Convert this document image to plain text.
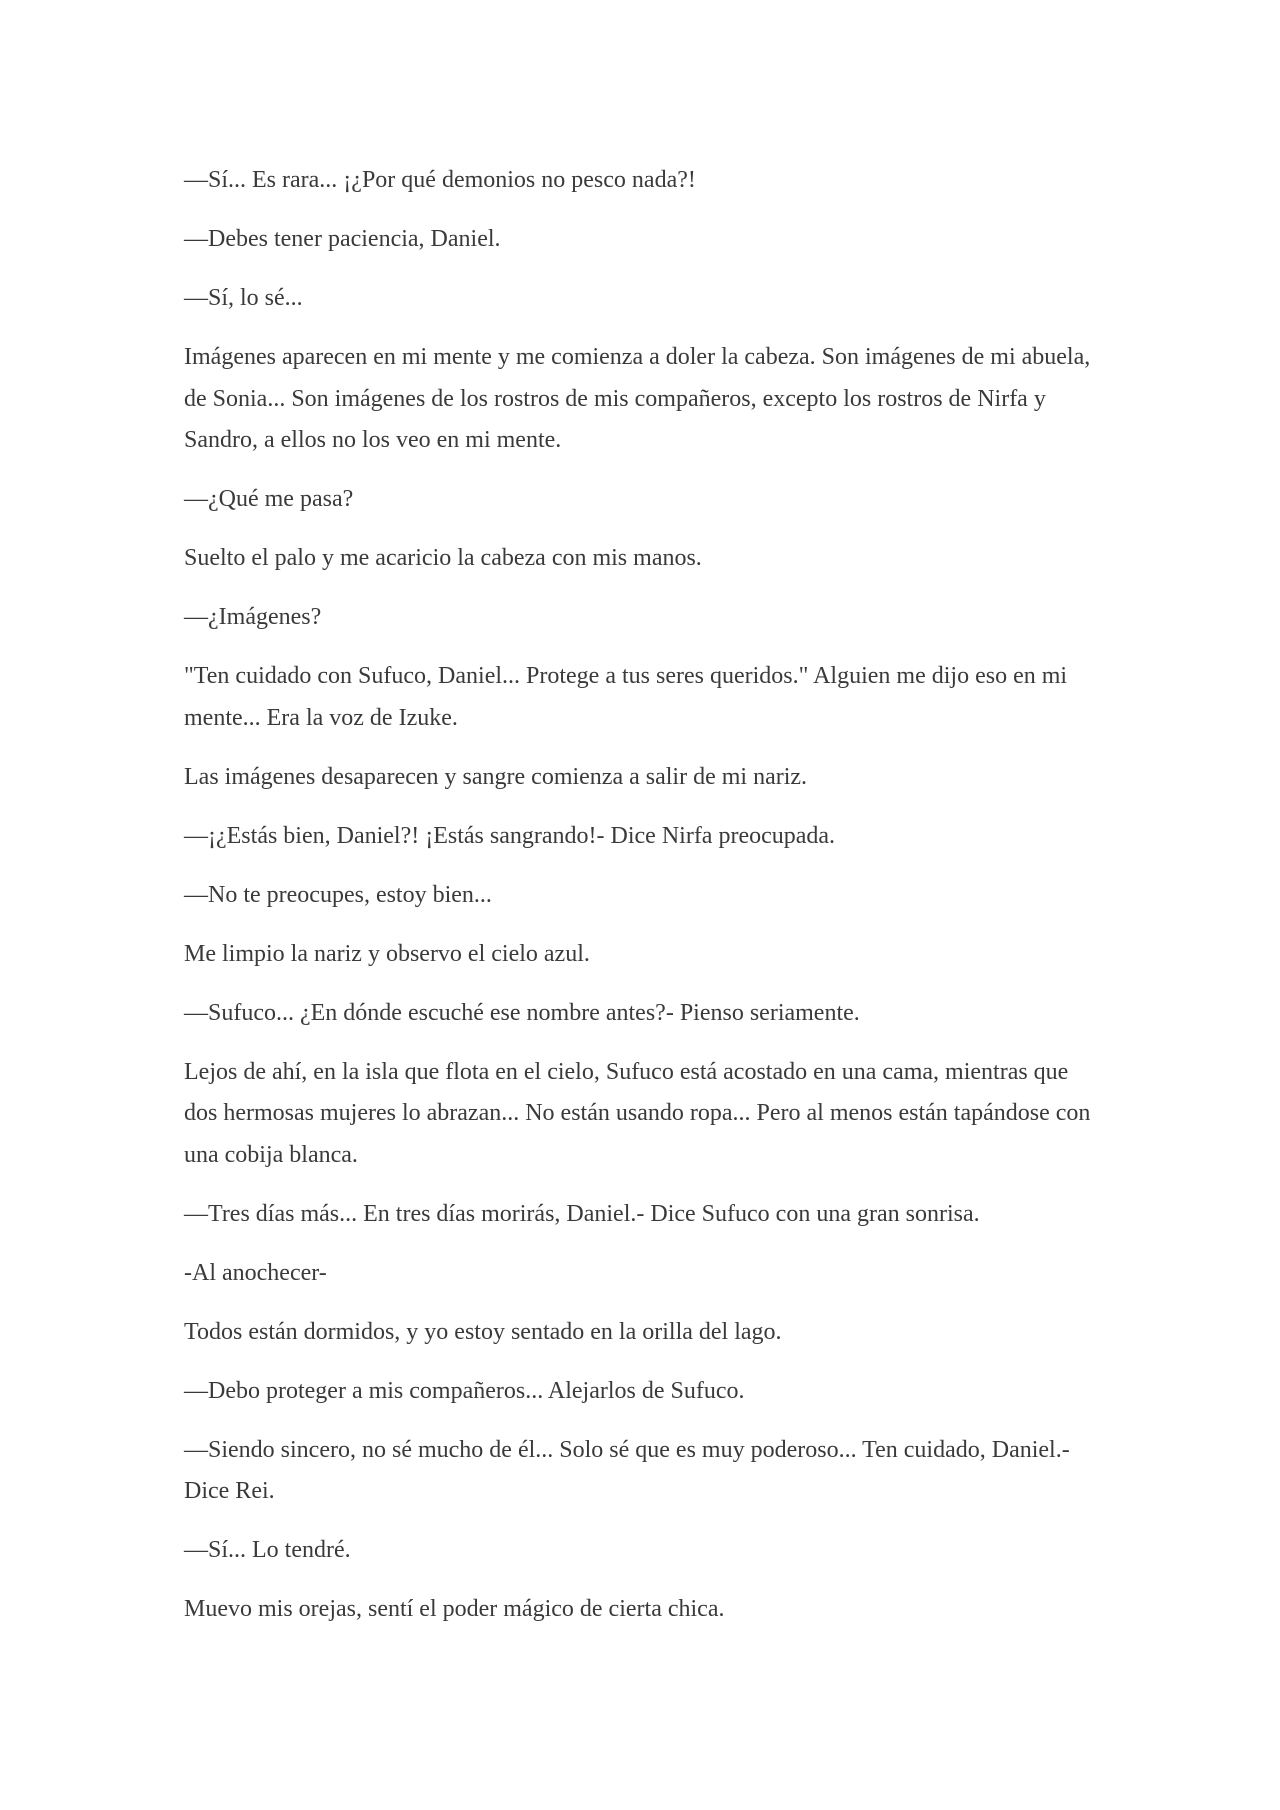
—Sí... Es rara... ¡¿Por qué demonios no pesco nada?!

—Debes tener paciencia, Daniel.

—Sí, lo sé...

Imágenes aparecen en mi mente y me comienza a doler la cabeza. Son imágenes de mi abuela, de Sonia... Son imágenes de los rostros de mis compañeros, excepto los rostros de Nirfa y Sandro, a ellos no los veo en mi mente.

—¿Qué me pasa?

Suelto el palo y me acaricio la cabeza con mis manos.

—¿Imágenes?

"Ten cuidado con Sufuco, Daniel... Protege a tus seres queridos." Alguien me dijo eso en mi mente... Era la voz de Izuke.

Las imágenes desaparecen y sangre comienza a salir de mi nariz.

—¡¿Estás bien, Daniel?! ¡Estás sangrando!- Dice Nirfa preocupada.

—No te preocupes, estoy bien...

Me limpio la nariz y observo el cielo azul.

—Sufuco... ¿En dónde escuché ese nombre antes?- Pienso seriamente.

Lejos de ahí, en la isla que flota en el cielo, Sufuco está acostado en una cama, mientras que dos hermosas mujeres lo abrazan... No están usando ropa... Pero al menos están tapándose con una cobija blanca.

—Tres días más... En tres días morirás, Daniel.- Dice Sufuco con una gran sonrisa.

-Al anochecer-

Todos están dormidos, y yo estoy sentado en la orilla del lago.

—Debo proteger a mis compañeros... Alejarlos de Sufuco.

—Siendo sincero, no sé mucho de él... Solo sé que es muy poderoso... Ten cuidado, Daniel.- Dice Rei.

—Sí... Lo tendré.

Muevo mis orejas, sentí el poder mágico de cierta chica.
